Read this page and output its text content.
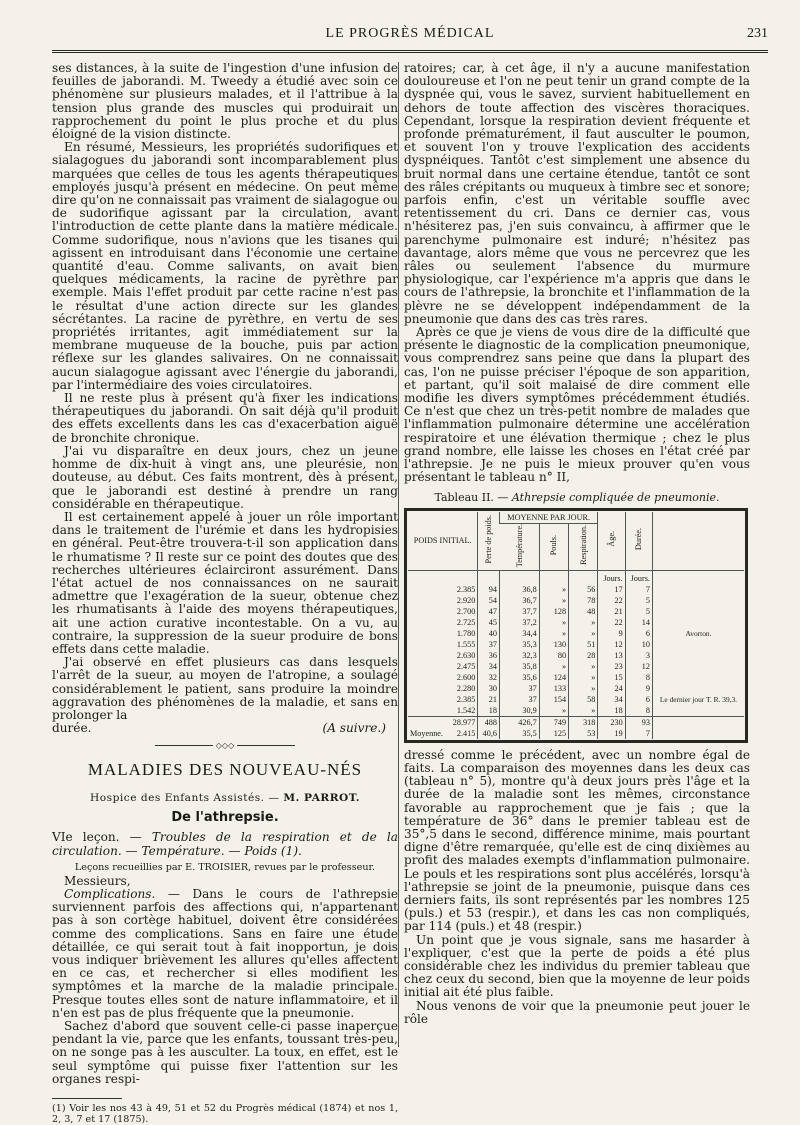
LE PROGRÈS MÉDICAL	231

ses distances, à la suite de l'ingestion d'une infusion de feuilles de jaborandi. M. Tweedy a étudié avec soin ce phénomène sur plusieurs malades, et il l'attribue à la tension plus grande des muscles qui produirait un rapprochement du point le plus proche et du plus éloigné de la vision distincte.

En résumé, Messieurs, les propriétés sudorifiques et sialagogues du jaborandi sont incomparablement plus marquées que celles de tous les agents thérapeutiques employés jusqu'à présent en médecine. On peut même dire qu'on ne connaissait pas vraiment de sialagogue ou de sudorifique agissant par la circulation, avant l'introduction de cette plante dans la matière médicale. Comme sudorifique, nous n'avions que les tisanes qui agissent en introduisant dans l'économie une certaine quantité d'eau. Comme salivants, on avait bien quelques médicaments, la racine de pyrèthre par exemple. Mais l'effet produit par cette racine n'est pas le résultat d'une action directe sur les glandes sécrétantes. La racine de pyrèthre, en vertu de ses propriétés irritantes, agit immédiatement sur la membrane muqueuse de la bouche, puis par action réflexe sur les glandes salivaires. On ne connaissait aucun sialagogue agissant avec l'énergie du jaborandi, par l'intermédiaire des voies circulatoires.

Il ne reste plus à présent qu'à fixer les indications thérapeutiques du jaborandi. On sait déjà qu'il produit des effets excellents dans les cas d'exacerbation aiguë de bronchite chronique.

J'ai vu disparaître en deux jours, chez un jeune homme de dix-huit à vingt ans, une pleurésie, non douteuse, au début. Ces faits montrent, dès à présent, que le jaborandi est destiné à prendre un rang considérable en thérapeutique.

Il est certainement appelé à jouer un rôle important dans le traitement de l'urémie et dans les hydropisies en général. Peut-être trouvera-t-il son application dans le rhumatisme ? Il reste sur ce point des doutes que des recherches ultérieures éclairciront assurément. Dans l'état actuel de nos connaissances on ne saurait admettre que l'exagération de la sueur, obtenue chez les rhumatisants à l'aide des moyens thérapeutiques, ait une action curative incontestable. On a vu, au contraire, la suppression de la sueur produire de bons effets dans cette maladie.

J'ai observé en effet plusieurs cas dans lesquels l'arrêt de la sueur, au moyen de l'atropine, a soulagé considérablement le patient, sans produire la moindre aggravation des phénomènes de la maladie, et sans en prolonger la

durée.	(A suivre.)
◇◇◇
MALADIES DES NOUVEAU-NÉS
Hospice des Enfants Assistés. — M. PARROT.
De l'athrepsie.
VIe leçon. — Troubles de la respiration et de la circulation. — Température. — Poids (1).
Leçons recueillies par E. TROISIER, revues par le professeur.
Messieurs,

Complications. — Dans le cours de l'athrepsie surviennent parfois des affections qui, n'appartenant pas à son cortège habituel, doivent être considérées comme des complications. Sans en faire une étude détaillée, ce qui serait tout à fait inopportun, je dois vous indiquer brièvement les allures qu'elles affectent en ce cas, et rechercher si elles modifient les symptômes et la marche de la maladie principale. Presque toutes elles sont de nature inflammatoire, et il n'en est pas de plus fréquente que la pneumonie.

Sachez d'abord que souvent celle-ci passe inaperçue pendant la vie, parce que les enfants, toussant très-peu, on ne songe pas à les ausculter. La toux, en effet, est le seul symptôme qui puisse fixer l'attention sur les organes respi-

(1) Voir les nos 43 à 49, 51 et 52 du Progrès médical (1874) et nos 1, 2, 3, 7 et 17 (1875).

ratoires; car, à cet âge, il n'y a aucune manifestation douloureuse et l'on ne peut tenir un grand compte de la dyspnée qui, vous le savez, survient habituellement en dehors de toute affection des viscères thoraciques. Cependant, lorsque la respiration devient fréquente et profonde prématurément, il faut ausculter le poumon, et souvent l'on y trouve l'explication des accidents dyspnéiques. Tantôt c'est simplement une absence du bruit normal dans une certaine étendue, tantôt ce sont des râles crépitants ou muqueux à timbre sec et sonore; parfois enfin, c'est un véritable souffle avec retentissement du cri. Dans ce dernier cas, vous n'hésiterez pas, j'en suis convaincu, à affirmer que le parenchyme pulmonaire est induré; n'hésitez pas davantage, alors même que vous ne percevrez que les râles ou seulement l'absence du murmure physiologique, car l'expérience m'a appris que dans le cours de l'athrepsie, la bronchite et l'inflammation de la plèvre ne se développent indépendamment de la pneumonie que dans des cas très rares.

Après ce que je viens de vous dire de la difficulté que présente le diagnostic de la complication pneumonique, vous comprendrez sans peine que dans la plupart des cas, l'on ne puisse préciser l'époque de son apparition, et partant, qu'il soit malaisé de dire comment elle modifie les divers symptômes précédemment étudiés. Ce n'est que chez un très-petit nombre de malades que l'inflammation pulmonaire détermine une accélération respiratoire et une élévation thermique ; chez le plus grand nombre, elle laisse les choses en l'état créé par l'athrepsie. Je ne puis le mieux prouver qu'en vous présentant le tableau n° II,

Tableau II. — Athrepsie compliquée de pneumonie.
POIDS INITIAL.	Perte de poids.	MOYENNE PAR JOUR.			Âge.	Durée.	
		Température.	Pouls.	Respiration.			
					Jours.	Jours.	
2.385	94	36,8	»	56	17	7	
2.920	54	36,7	»	78	22	5	
2.700	47	37,7	128	48	21	5	
2.725	45	37,2	»	»	22	14	
1.780	40	34,4	»	»	9	6	Avorton.
1.555	37	35,3	130	51	12	10	
2.630	36	32,3	80	28	13	3	
2.475	34	35,8	»	»	23	12	
2.600	32	35,6	124	»	15	8	
2.280	30	37	133	»	24	9	
2.385	21	37	154	58	34	6	Le dernier jour T. R. 39,3.
1.542	18	30,9	»	»	18	8	

28.977	488	426,7	749	318	230	93	

Moyenne. 2.415	40,6	35,5	125	53	19	7	

dressé comme le précédent, avec un nombre égal de faits. La comparaison des moyennes dans les deux cas (tableau n° 5), montre qu'à deux jours près l'âge et la durée de la maladie sont les mêmes, circonstance favorable au rapprochement que je fais ; que la température de 36° dans le premier tableau est de 35°,5 dans le second, différence minime, mais pourtant digne d'être remarquée, qu'elle est de cinq dixièmes au profit des malades exempts d'inflammation pulmonaire. Le pouls et les respirations sont plus accélérés, lorsqu'à l'athrepsie se joint de la pneumonie, puisque dans ces derniers faits, ils sont représentés par les nombres 125 (puls.) et 53 (respir.), et dans les cas non compliqués, par 114 (puls.) et 48 (respir.)

Un point que je vous signale, sans me hasarder à l'expliquer, c'est que la perte de poids a été plus considérable chez les individus du premier tableau que chez ceux du second, bien que la moyenne de leur poids initial ait été plus faible.

Nous venons de voir que la pneumonie peut jouer le rôle
